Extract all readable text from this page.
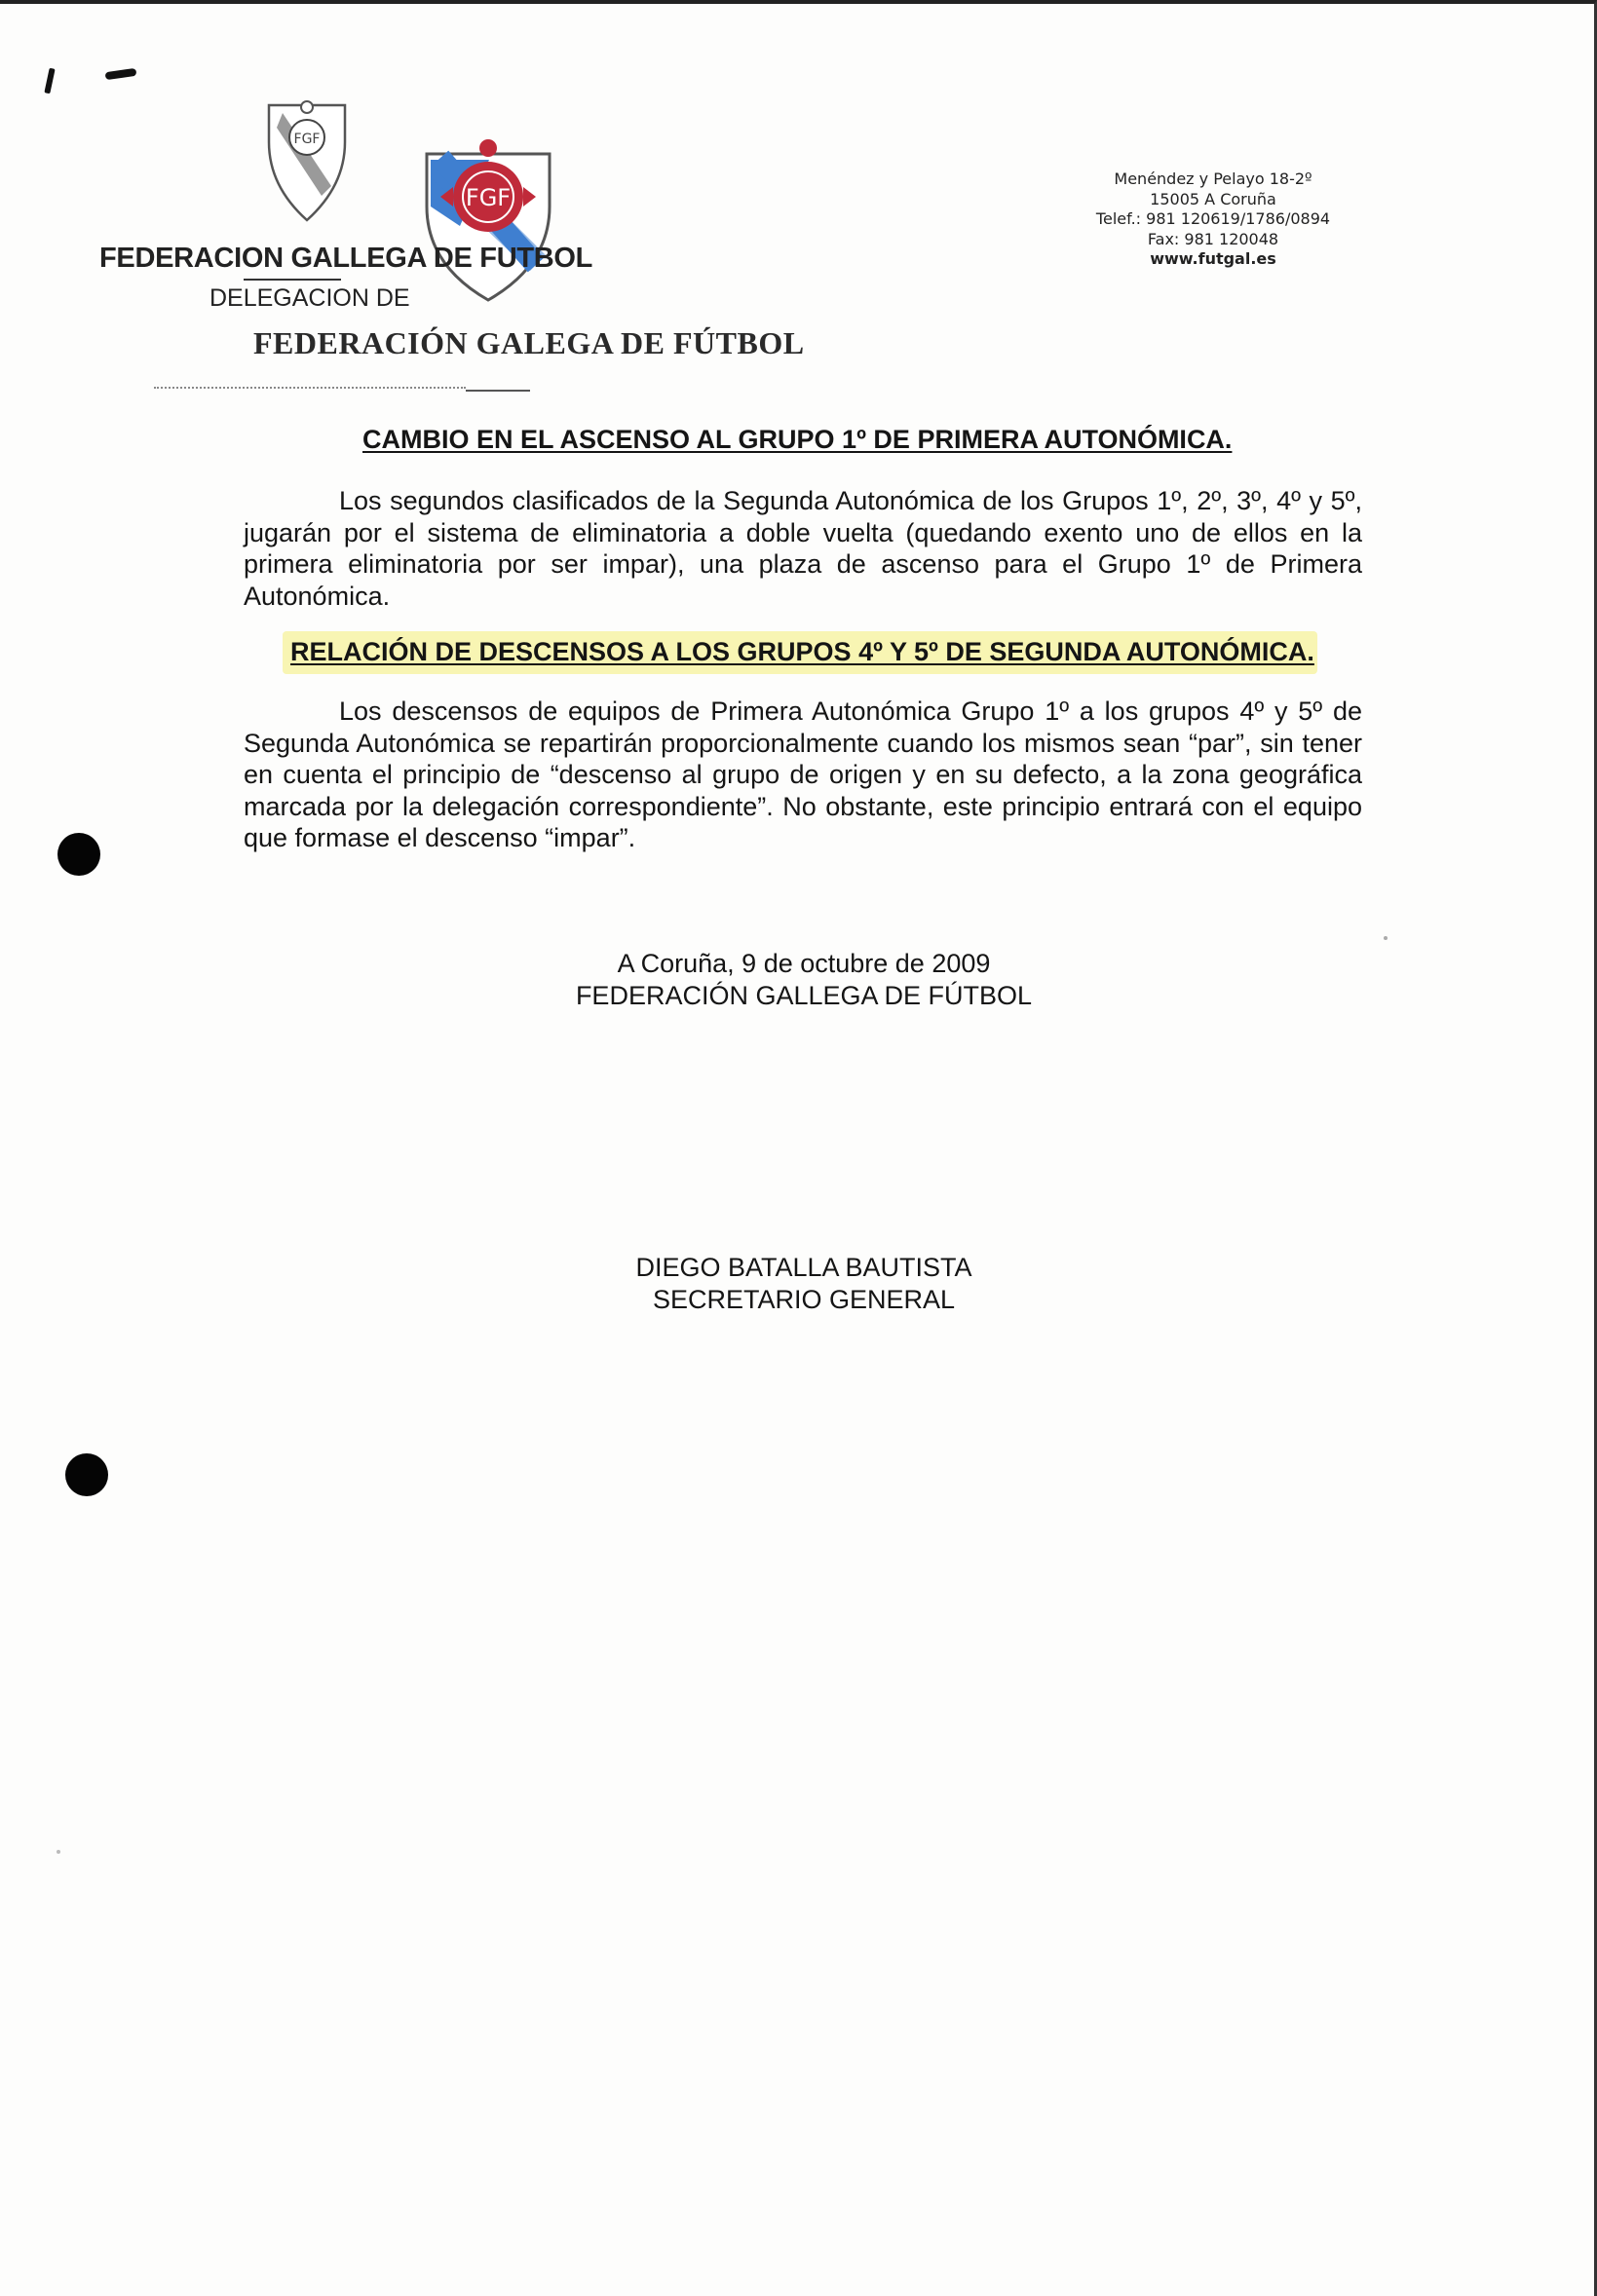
FGF
FGF
FEDERACION GALLEGA DE FUTBOL
DELEGACION DE
FEDERACIÓN GALEGA DE FÚTBOL
Menéndez y Pelayo 18-2º
15005 A Coruña
Telef.: 981 120619/1786/0894
Fax: 981 120048
www.futgal.es
CAMBIO EN EL ASCENSO AL GRUPO 1º DE PRIMERA AUTONÓMICA.
Los segundos clasificados de la Segunda Autonómica de los Grupos 1º, 2º, 3º, 4º y 5º, jugarán por el sistema de eliminatoria a doble vuelta (quedando exento uno de ellos en la primera eliminatoria por ser impar), una plaza de ascenso para el Grupo 1º de Primera Autonómica.
RELACIÓN DE DESCENSOS A LOS GRUPOS 4º Y 5º DE SEGUNDA AUTONÓMICA.
Los descensos de equipos de Primera Autonómica Grupo 1º a los grupos 4º y 5º de Segunda Autonómica se repartirán proporcionalmente cuando los mismos sean “par”, sin tener en cuenta el principio de “descenso al grupo de origen y en su defecto, a la zona geográfica marcada por la delegación correspondiente”. No obstante, este principio entrará con el equipo que formase el descenso “impar”.
A Coruña, 9 de octubre de 2009
FEDERACIÓN GALLEGA DE FÚTBOL
DIEGO BATALLA BAUTISTA
SECRETARIO GENERAL
